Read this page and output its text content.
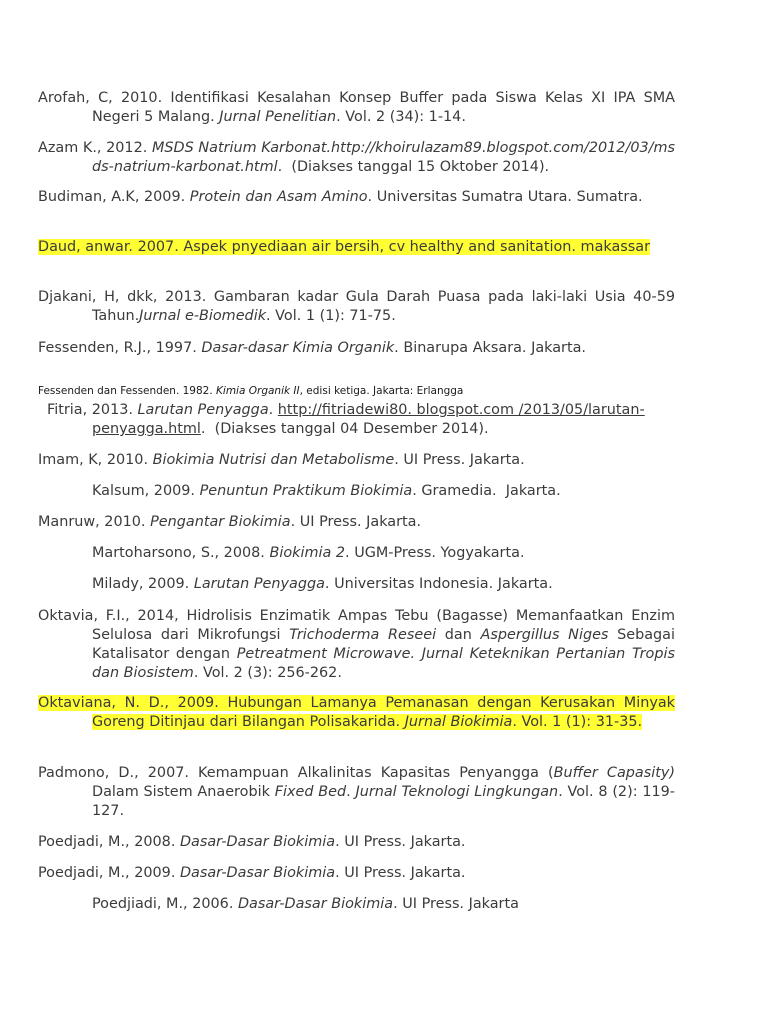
Arofah, C, 2010. Identifikasi Kesalahan Konsep Buffer pada Siswa Kelas XI IPA SMA Negeri 5 Malang. Jurnal Penelitian. Vol. 2 (34): 1-14.

Azam K., 2012. MSDS Natrium Karbonat.http://khoirulazam89.blogspot.com/2012/03/msds-natrium-karbonat.html.  (Diakses tanggal 15 Oktober 2014).

Budiman, A.K, 2009. Protein dan Asam Amino. Universitas Sumatra Utara. Sumatra.

Daud, anwar. 2007. Aspek pnyediaan air bersih, cv healthy and sanitation. makassar

Djakani, H, dkk, 2013. Gambaran kadar Gula Darah Puasa pada laki-laki Usia 40-59 Tahun.Jurnal e-Biomedik. Vol. 1 (1): 71-75.

Fessenden, R.J., 1997. Dasar-dasar Kimia Organik. Binarupa Aksara. Jakarta.

Fessenden dan Fessenden. 1982. Kimia Organik II, edisi ketiga. Jakarta: Erlangga

Fitria, 2013. Larutan Penyagga. http://fitriadewi80. blogspot.com /2013/05/larutan- penyagga.html.  (Diakses tanggal 04 Desember 2014).

Imam, K, 2010. Biokimia Nutrisi dan Metabolisme. UI Press. Jakarta.

Kalsum, 2009. Penuntun Praktikum Biokimia. Gramedia.  Jakarta.

Manruw, 2010. Pengantar Biokimia. UI Press. Jakarta.

Martoharsono, S., 2008. Biokimia 2. UGM-Press. Yogyakarta.

Milady, 2009. Larutan Penyagga. Universitas Indonesia. Jakarta.

Oktavia, F.I., 2014, Hidrolisis Enzimatik Ampas Tebu (Bagasse) Memanfaatkan Enzim Selulosa dari Mikrofungsi Trichoderma Reseei dan Aspergillus Niges Sebagai Katalisator dengan Petreatment Microwave. Jurnal Keteknikan Pertanian Tropis dan Biosistem. Vol. 2 (3): 256-262.

Oktaviana, N. D., 2009. Hubungan Lamanya Pemanasan dengan Kerusakan Minyak Goreng Ditinjau dari Bilangan Polisakarida. Jurnal Biokimia. Vol. 1 (1): 31-35.

Padmono, D., 2007. Kemampuan Alkalinitas Kapasitas Penyangga (Buffer Capasity) Dalam Sistem Anaerobik Fixed Bed. Jurnal Teknologi Lingkungan. Vol. 8 (2): 119-127.

Poedjadi, M., 2008. Dasar-Dasar Biokimia. UI Press. Jakarta.

Poedjadi, M., 2009. Dasar-Dasar Biokimia. UI Press. Jakarta.

Poedjiadi, M., 2006. Dasar-Dasar Biokimia. UI Press. Jakarta
